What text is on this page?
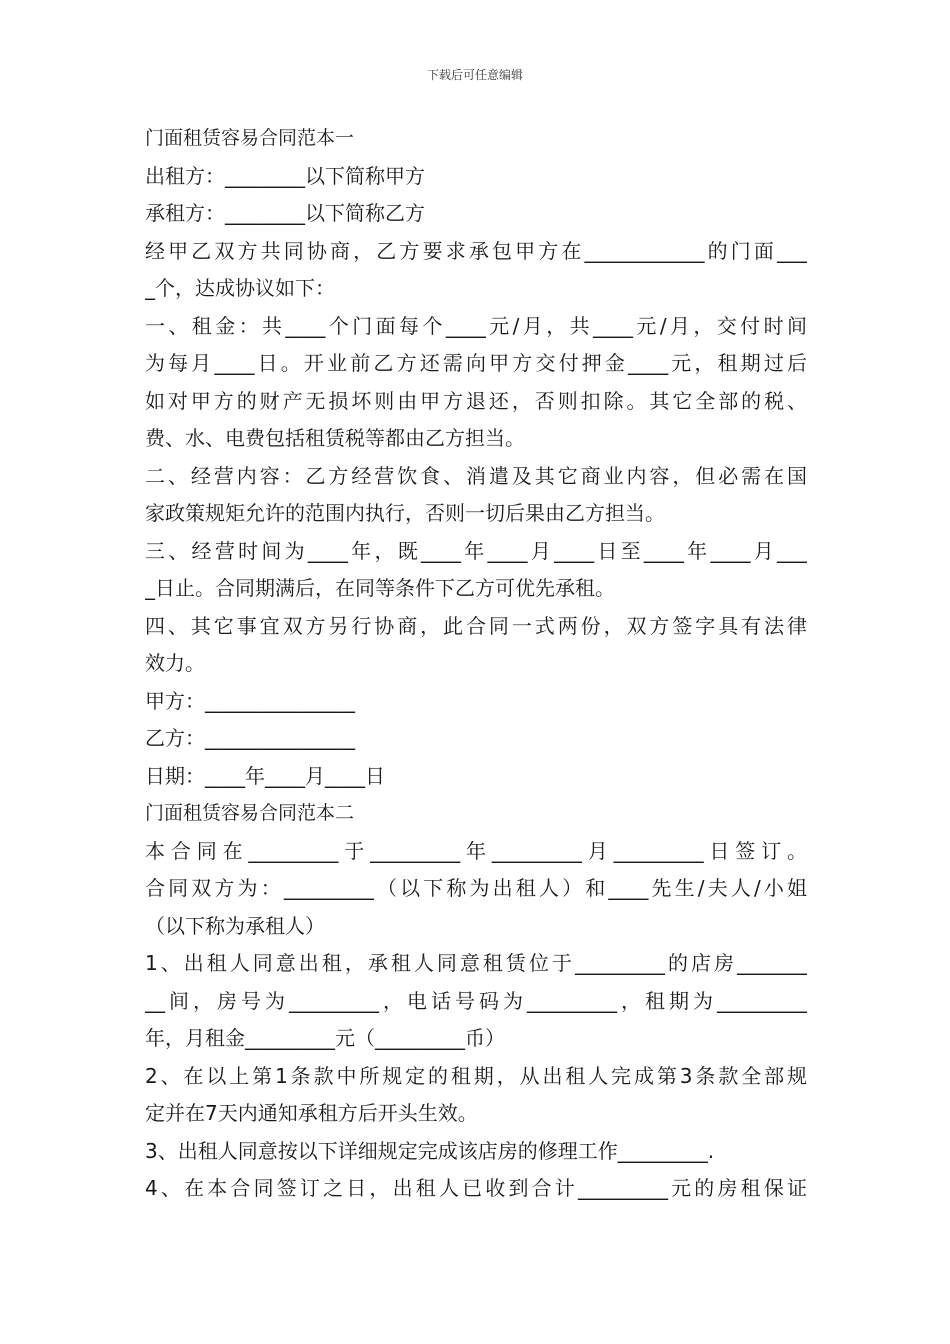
下载后可任意编辑
门面租赁容易合同范本一
出租方：________以下简称甲方
承租方：________以下简称乙方
经甲乙双方共同协商，乙方要求承包甲方在____________的门面___
_个，达成协议如下：
一、租金：共____个门面每个____元/月，共____元/月，交付时间
为每月____日。开业前乙方还需向甲方交付押金____元，租期过后
如对甲方的财产无损坏则由甲方退还，否则扣除。其它全部的税、
费、水、电费包括租赁税等都由乙方担当。
二、经营内容：乙方经营饮食、消遣及其它商业内容，但必需在国
家政策规矩允许的范围内执行，否则一切后果由乙方担当。
三、经营时间为____年，既____年____月____日至____年____月___
_日止。合同期满后，在同等条件下乙方可优先承租。
四、其它事宜双方另行协商，此合同一式两份，双方签字具有法律
效力。
甲方：_______________
乙方：_______________
日期：____年____月____日
门面租赁容易合同范本二
本合同在_________于_________年_________月_________日签订。
合同双方为：_________（以下称为出租人）和____先生/夫人/小姐
（以下称为承租人）
1、出租人同意出租，承租人同意租赁位于_________的店房_______
__间，房号为_________，电话号码为_________，租期为_________
年，月租金_________元（_________币）
2、在以上第1条款中所规定的租期，从出租人完成第3条款全部规
定并在7天内通知承租方后开头生效。
3、出租人同意按以下详细规定完成该店房的修理工作_________.
4、在本合同签订之日，出租人已收到合计_________元的房租保证
